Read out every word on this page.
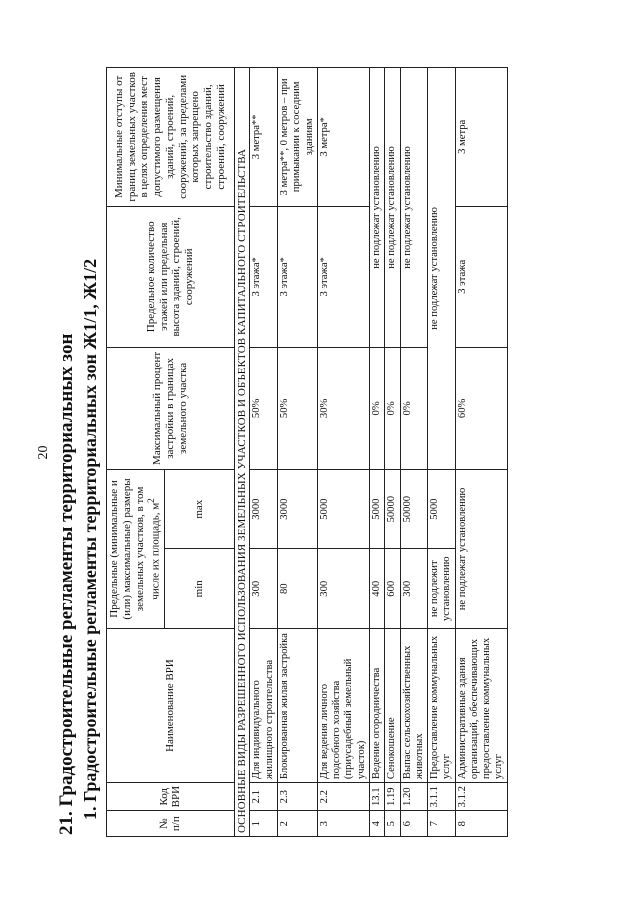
20 21. Градостроительные регламенты территориальных зон 1. Градостроительные регламенты территориальных зон Ж1/1, Ж1/2
№ п/п	Код ВРИ	Наименование ВРИ	Предельные (минимальные и (или) максимальные) размеры земельных участков, в том числе их площадь, $м^2$		Максимальный процент застройки в границах земельного участка	Предельное количество этажей или предельная высота зданий, строений, сооружений	Минимальные отступы от границ земельных участков в целях определения мест допустимого размещения зданий, строений, сооружений, за пределами которых запрещено строительство зданий, строений, сооружений
			min	max			
ОСНОВНЫЕ ВИДЫ РАЗРЕШЕННОГО ИСПОЛЬЗОВАНИЯ ЗЕМЕЛЬНЫХ УЧАСТКОВ И ОБЪЕКТОВ КАПИТАЛЬНОГО СТРОИТЕЛЬСТВА							
1	2.1	Для индивидуального жилищного строительства	300	3000	50%	3 этажа*	3 метра**
2	2.3	Блокированная жилая застройка	80	3000	50%	3 этажа*	3 метра**, 0 метров – при примыкании к соседним зданиям
3	2.2	Для ведения личного подсобного хозяйства (приусадебный земельный участок)	300	5000	30%	3 этажа*	3 метра*
4	13.1	Ведение огородничества	400	5000	0%	не подлежат установлению	
5	1.19	Сенокошение	600	50000	0%	не подлежат установлению	
6	1.20	Выпас сельскохозяйственных животных	300	50000	0%	не подлежат установлению	
7	3.1.1	Предоставление коммунальных услуг	не подлежит установлению	5000	не подлежат установлению		
8	3.1.2	Административные здания организаций, обеспечивающих предоставление коммунальных услуг	не подлежат установлению		60%	3 этажа	3 метра
